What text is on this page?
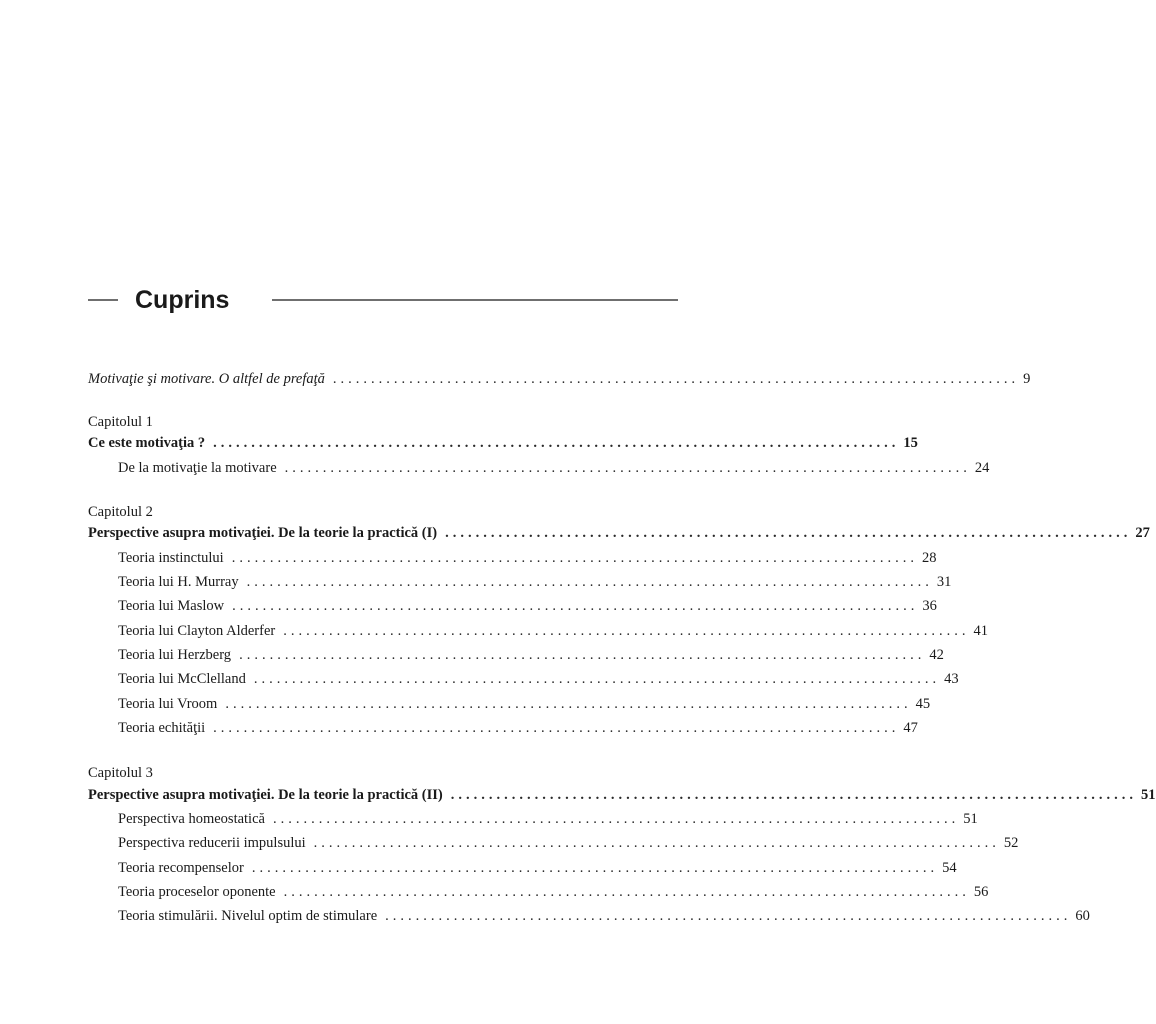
Cuprins
Motivaţie şi motivare. O altfel de prefaţă .......................................................................................... 9
Capitolul 1
Ce este motivaţia ? .......................................................................................... 15
De la motivaţie la motivare .......................................................................................... 24
Capitolul 2
Perspective asupra motivaţiei. De la teorie la practică (I) .......................................................................................... 27
Teoria instinctului .......................................................................................... 28
Teoria lui H. Murray .......................................................................................... 31
Teoria lui Maslow .......................................................................................... 36
Teoria lui Clayton Alderfer .......................................................................................... 41
Teoria lui Herzberg .......................................................................................... 42
Teoria lui McClelland .......................................................................................... 43
Teoria lui Vroom .......................................................................................... 45
Teoria echităţii .......................................................................................... 47
Capitolul 3
Perspective asupra motivaţiei. De la teorie la practică (II) .......................................................................................... 51
Perspectiva homeostatică .......................................................................................... 51
Perspectiva reducerii impulsului .......................................................................................... 52
Teoria recompenselor .......................................................................................... 54
Teoria proceselor oponente .......................................................................................... 56
Teoria stimulării. Nivelul optim de stimulare .......................................................................................... 60
